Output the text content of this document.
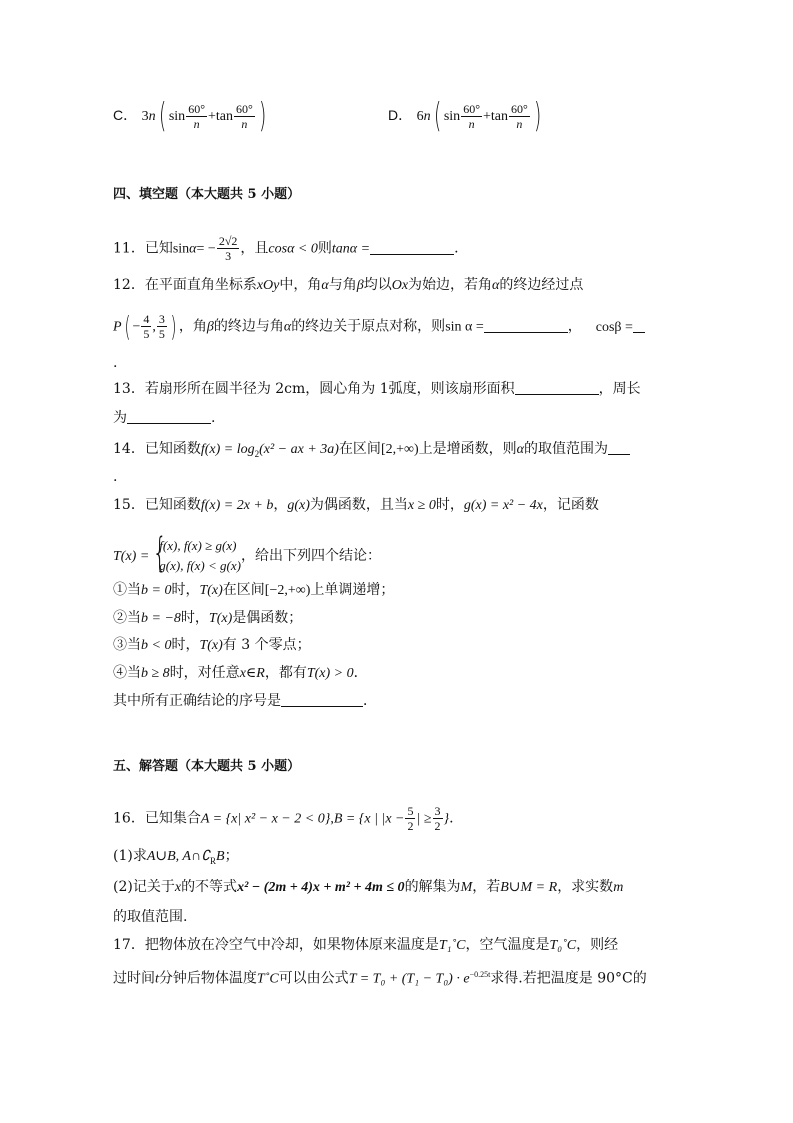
C． 3n( $\sin \frac{60^\circ}{n} +\tan \frac{60^\circ}{n}$ )	D． 6n( $\sin \frac{60^\circ}{n} +\tan \frac{60^\circ}{n}$ )
四、填空题（本大题共 5 小题）
11．已知$\sin\alpha= - \frac{2√2}{3}$ ，且cosα < 0则tanα =	.
12．在平面直角坐标系xOy中，角α与角β均以Ox为始边，若角α的终边经过点
$P( - \frac{4}{5}$ , $\frac{3}{5}$ ) ，角β的终边与角α的终边关于原点对称，则sin α =	， cosβ =
.
13．若扇形所在圆半径为 2cm，圆心角为 1弧度，则该扇形面积	，周长
为	.
14．已知函数$f(x) = \log_2(x^2$ − ax + 3a)在区间[2,+∞)上是增函数，则α的取值范围为
.
15．已知函数f(x) = 2x + b，g(x)为偶函数，且当x ≥ 0时，g(x) = x² − 4x，记函数
T(x) = {
f(x), f(x) ≥ g(x)
g(x), f(x) < g(x)
，给出下列四个结论：
①当b = 0时，T(x)在区间[−2,+∞)上单调递增；
②当b = −8时，T(x)是偶函数；
③当b < 0时，T(x)有 3 个零点；
④当b ≥ 8时，对任意x∈R，都有T(x) > 0．
其中所有正确结论的序号是	．
五、解答题（本大题共 5 小题）
16．已知集合A = {x| x² − x − 2 < 0},B = {x | $|x - \frac{5}{2}$ | ≥ $\frac{3}{2}$ }.
(1)求A∪B, $A\cap∁_RB$；
(2)记关于x的不等式x² − (2m + 4)x + m² + 4m ≤ 0的解集为M，若B∪M = R，求实数m
的取值范围.
17．把物体放在冷空气中冷却，如果物体原来温度是T₁˚C，空气温度是T₀˚C，则经
过时间t分钟后物体温度T˚C可以由公式$T = T_0 + (T_1 - T_0) \cdot e^{-0.25t}$求得.若把温度是 90°C的
